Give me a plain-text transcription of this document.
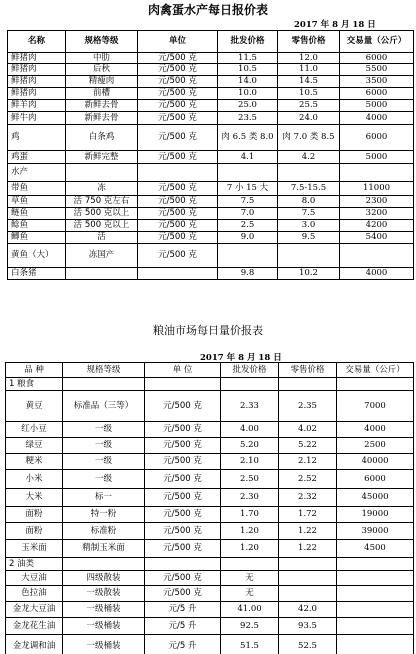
肉禽蛋水产每日报价表
2017 年 8 月 18 日
名称	规格等级	单位	批发价格	零售价格	交易量（公斤）
鲜猪肉	中肋	元/500 克	11.5	12.0	6000
鲜猪肉	后秋	元/500 克	10.5	11.0	5500
鲜猪肉	精瘦肉	元/500 克	14.0	14.5	3500
鲜猪肉	前槽	元/500 克	10.0	10.5	6000
鲜羊肉	新鲜去骨	元/500 克	25.0	25.5	5000
鲜牛肉	新鲜去骨	元/500 克	23.5	24.0	4000
鸡	白条鸡	元/500 克	肉 6.5 类 8.0	肉 7.0 类 8.5	6000
鸡蛋	新鲜完整	元/500 克	4.1	4.2	5000
水产					
带鱼	冻	元/500 克	7 小 15 大	7.5-15.5	11000
草鱼	活 750 克左右	元/500 克	7.5	8.0	2300
鲢鱼	活 500 克以上	元/500 克	7.0	7.5	3200
鲶鱼	活 500 克以上	元/500 克	2.5	3.0	4200
鲫鱼	活	元/500 克	9.0	9.5	5400
黄鱼（大）	冻国产	元/500 克			
白条猪			9.8	10.2	4000
粮油市场每日量价报表
2017 年 8 月 18 日
品 种	规格等级	单 位	批发价格	零售价格	交易量（公斤）
1 粮食					
黄豆	标准品（三等）	元/500 克	2.33	2.35	7000
红小豆	一级	元/500 克	4.00	4.02	4000
绿豆	一级	元/500 克	5.20	5.22	2500
粳米	一级	元/500 克	2.10	2.12	40000
小米	一级	元/500 克	2.50	2.52	6000
大米	标一	元/500 克	2.30	2.32	45000
面粉	特一粉	元/500 克	1.70	1.72	19000
面粉	标准粉	元/500 克	1.20	1.22	39000
玉米面	精制玉米面	元/500 克	1.20	1.22	4500
2 油类					
大豆油	四级散装	元/500 克	无		
色拉油	一级散装	元/500 克	无		
金龙大豆油	一级桶装	元/5 升	41.00	42.0	
金龙花生油	一级桶装	元/5 升	92.5	93.5	
金龙调和油	一级桶装	元/5 升	51.5	52.5	
